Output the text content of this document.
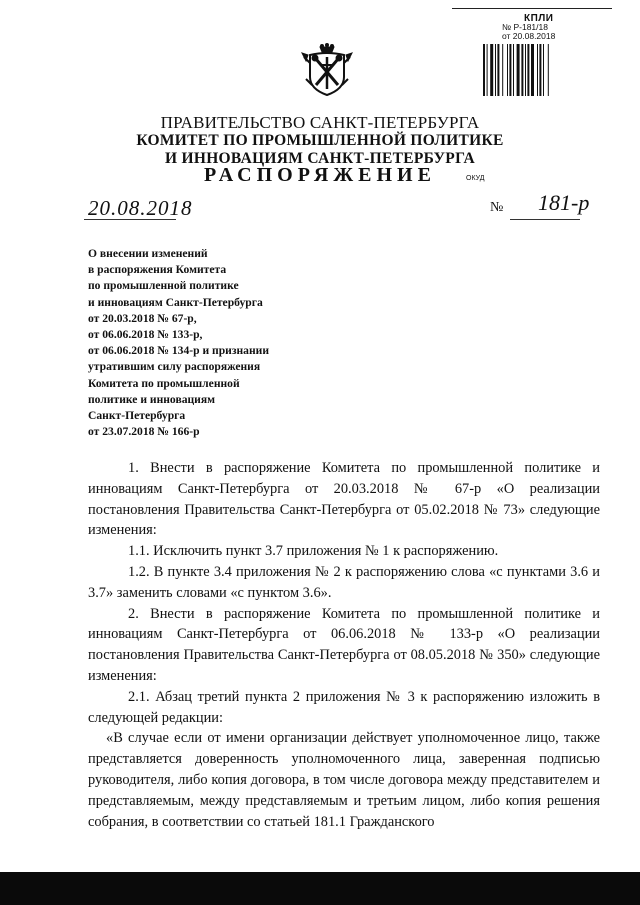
КПЛИ
№ Р-181/18
от 20.08.2018
ПРАВИТЕЛЬСТВО САНКТ-ПЕТЕРБУРГА
КОМИТЕТ ПО ПРОМЫШЛЕННОЙ ПОЛИТИКЕ
И ИННОВАЦИЯМ САНКТ-ПЕТЕРБУРГА
РАСПОРЯЖЕНИЕ	ОКУД
20.08.2018	№ 181-р
О внесении изменений
в распоряжения Комитета
по промышленной политике
и инновациям Санкт-Петербурга
от 20.03.2018 № 67-р,
от 06.06.2018 № 133-р,
от 06.06.2018 № 134-р и признании
утратившим силу распоряжения
Комитета по промышленной
политике и инновациям
Санкт-Петербурга
от 23.07.2018 № 166-р

1. Внести в распоряжение Комитета по промышленной политике и инновациям Санкт-Петербурга от 20.03.2018 № 67-р «О реализации постановления Правительства Санкт-Петербурга от 05.02.2018 № 73» следующие изменения:

1.1. Исключить пункт 3.7 приложения № 1 к распоряжению.

1.2. В пункте 3.4 приложения № 2 к распоряжению слова «с пунктами 3.6 и 3.7» заменить словами «с пунктом 3.6».

2. Внести в распоряжение Комитета по промышленной политике и инновациям Санкт-Петербурга от 06.06.2018 № 133-р «О реализации постановления Правительства Санкт-Петербурга от 08.05.2018 № 350» следующие изменения:

2.1. Абзац третий пункта 2 приложения № 3 к распоряжению изложить в следующей редакции:

«В случае если от имени организации действует уполномоченное лицо, также представляется доверенность уполномоченного лица, заверенная подписью руководителя, либо копия договора, в том числе договора между представителем и представляемым, между представляемым и третьим лицом, либо копия решения собрания, в соответствии со статьей 181.1 Гражданского
